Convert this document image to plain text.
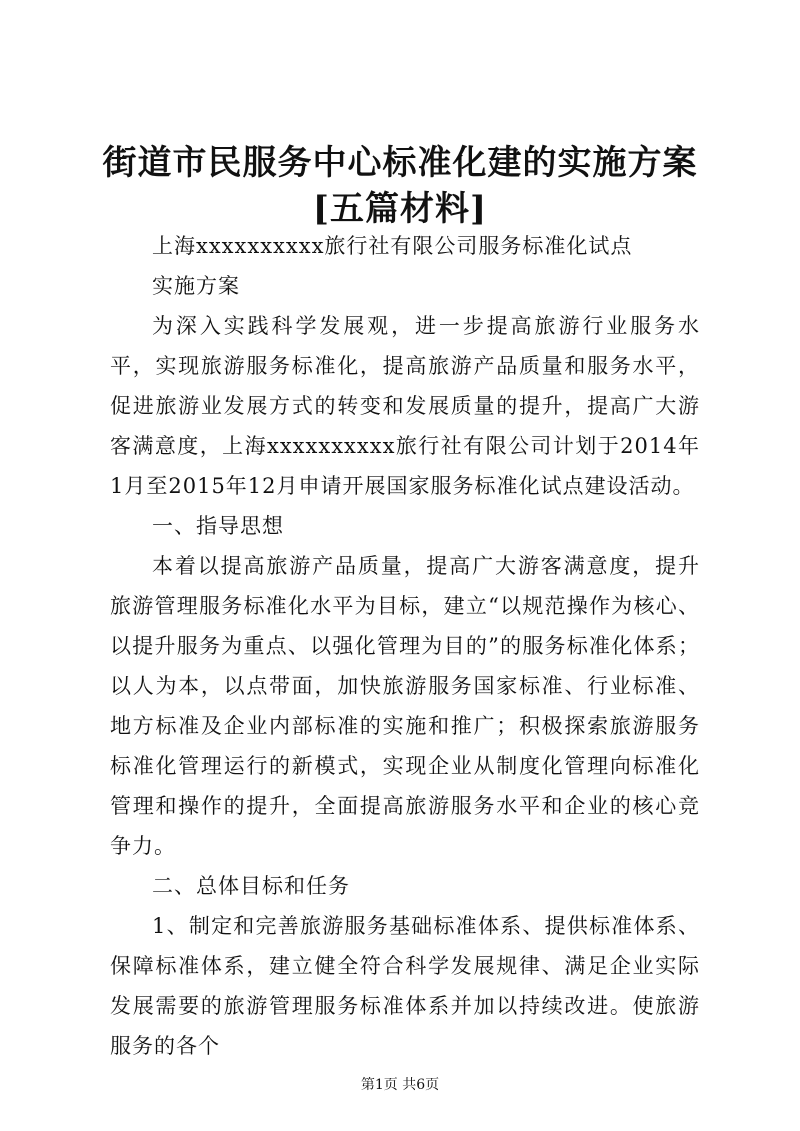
街道市民服务中心标准化建的实施方案[五篇材料]

上海xxxxxxxxxx旅行社有限公司服务标准化试点

实施方案

为深入实践科学发展观，进一步提高旅游行业服务水平，实现旅游服务标准化，提高旅游产品质量和服务水平，促进旅游业发展方式的转变和发展质量的提升，提高广大游客满意度，上海xxxxxxxxxx旅行社有限公司计划于2014年1月至2015年12月申请开展国家服务标准化试点建设活动。

一、指导思想

本着以提高旅游产品质量，提高广大游客满意度，提升旅游管理服务标准化水平为目标，建立“以规范操作为核心、以提升服务为重点、以强化管理为目的”的服务标准化体系；以人为本，以点带面，加快旅游服务国家标准、行业标准、地方标准及企业内部标准的实施和推广；积极探索旅游服务标准化管理运行的新模式，实现企业从制度化管理向标准化管理和操作的提升，全面提高旅游服务水平和企业的核心竞争力。

二、总体目标和任务

1、制定和完善旅游服务基础标准体系、提供标准体系、保障标准体系，建立健全符合科学发展规律、满足企业实际发展需要的旅游管理服务标准体系并加以持续改进。使旅游服务的各个

第1页 共6页
